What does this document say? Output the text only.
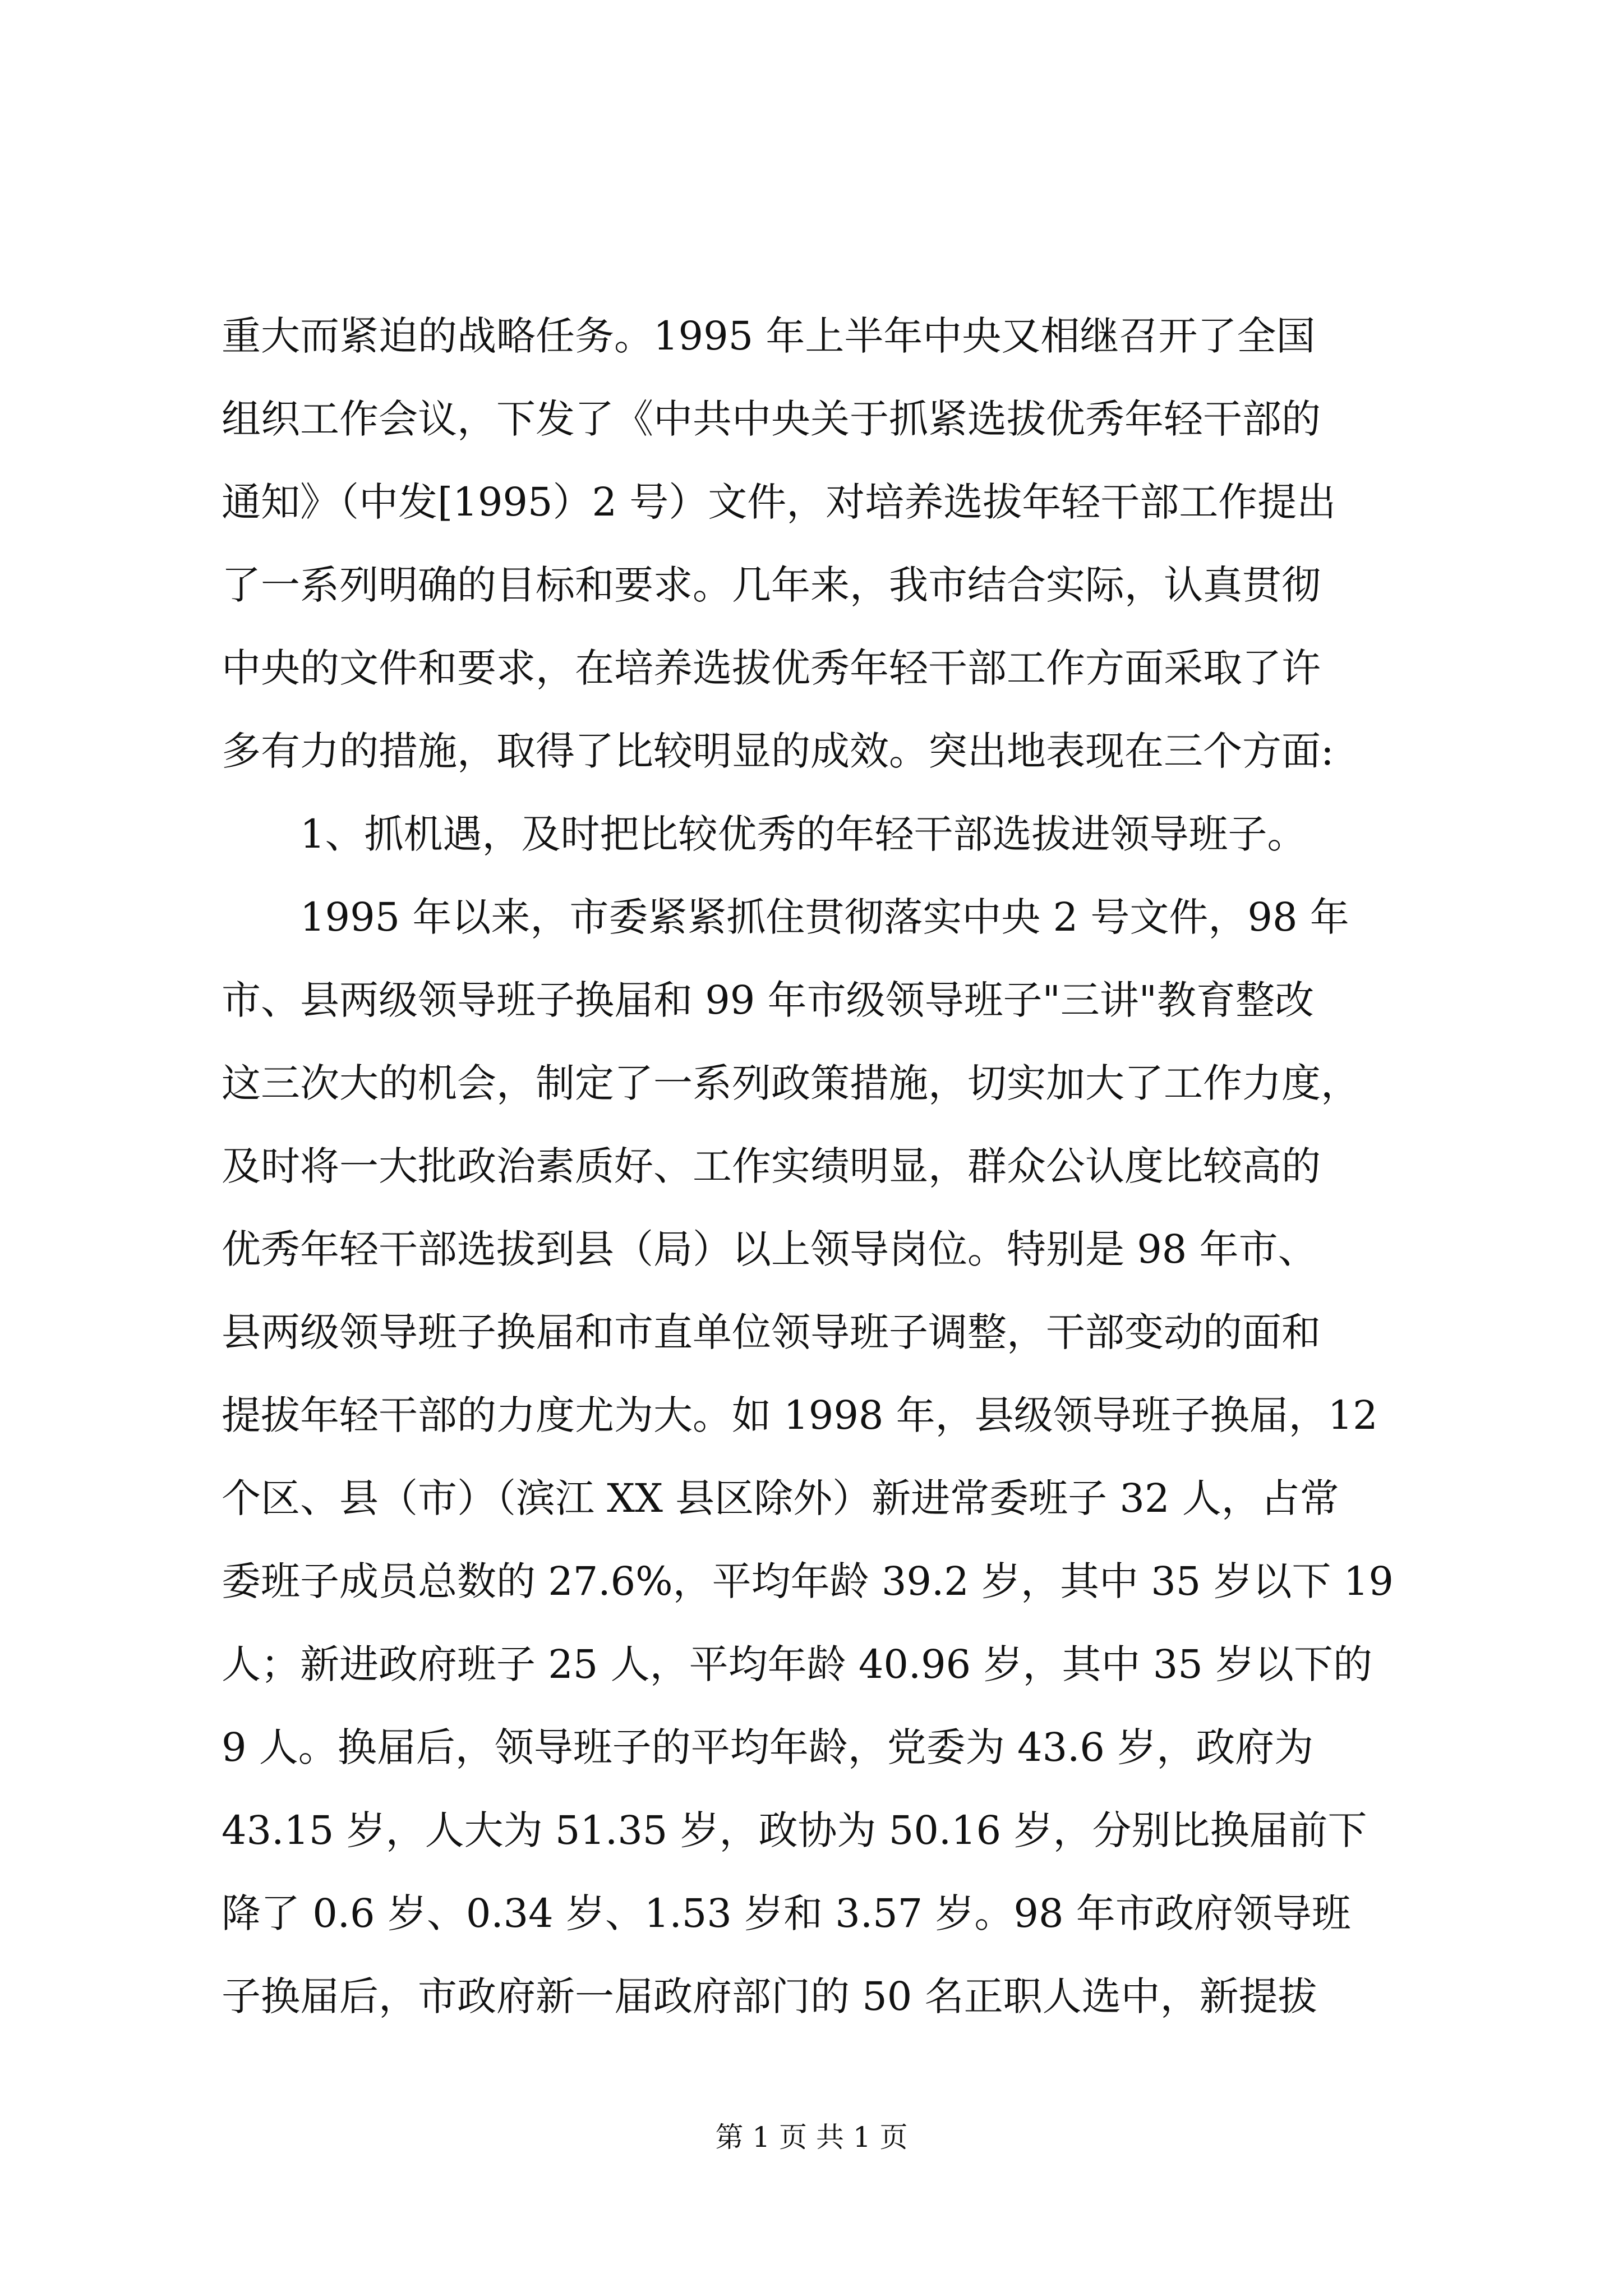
重大而紧迫的战略任务。1995 年上半年中央又相继召开了全国
组织工作会议，下发了《中共中央关于抓紧选拔优秀年轻干部的
通知》（中发[1995）2 号）文件，对培养选拔年轻干部工作提出
了一系列明确的目标和要求。几年来，我市结合实际，认真贯彻
中央的文件和要求，在培养选拔优秀年轻干部工作方面采取了许
多有力的措施，取得了比较明显的成效。突出地表现在三个方面:
1、抓机遇，及时把比较优秀的年轻干部选拔进领导班子。
1995 年以来，市委紧紧抓住贯彻落实中央 2 号文件，98 年
市、县两级领导班子换届和 99 年市级领导班子"三讲"教育整改
这三次大的机会，制定了一系列政策措施，切实加大了工作力度，
及时将一大批政治素质好、工作实绩明显，群众公认度比较高的
优秀年轻干部选拔到县（局）以上领导岗位。特别是 98 年市、
县两级领导班子换届和市直单位领导班子调整，干部变动的面和
提拔年轻干部的力度尤为大。如 1998 年，县级领导班子换届，12
个区、县（市）（滨江 XX 县区除外）新进常委班子 32 人，占常
委班子成员总数的 27.6%，平均年龄 39.2 岁，其中 35 岁以下 19
人；新进政府班子 25 人，平均年龄 40.96 岁，其中 35 岁以下的
9 人。换届后，领导班子的平均年龄，党委为 43.6 岁，政府为
43.15 岁，人大为 51.35 岁，政协为 50.16 岁，分别比换届前下
降了 0.6 岁、0.34 岁、1.53 岁和 3.57 岁。98 年市政府领导班
子换届后，市政府新一届政府部门的 50 名正职人选中，新提拔
第 1 页 共 1 页
